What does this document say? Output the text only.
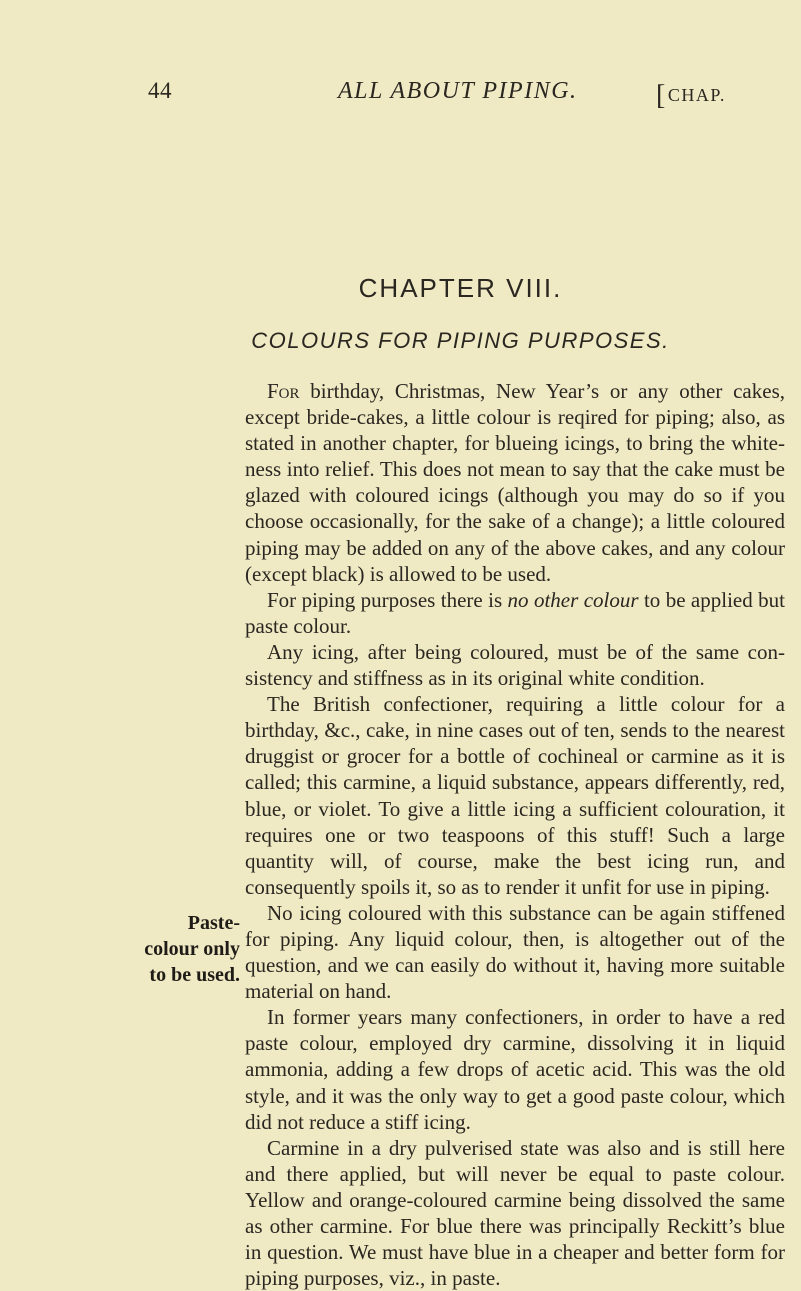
44	ALL ABOUT PIPING.	[CHAP.
CHAPTER VIII.
COLOURS FOR PIPING PURPOSES.
Paste-
colour only
to be used.

For birthday, Christmas, New Year’s or any other cakes, except bride-cakes, a little colour is reqired for piping; also, as stated in another chapter, for blueing icings, to bring the white-ness into relief. This does not mean to say that the cake must be glazed with coloured icings (although you may do so if you choose occasionally, for the sake of a change); a little coloured piping may be added on any of the above cakes, and any colour (except black) is allowed to be used.

For piping purposes there is no other colour to be applied but paste colour.

Any icing, after being coloured, must be of the same con-sistency and stiffness as in its original white condition.

The British confectioner, requiring a little colour for a birthday, &c., cake, in nine cases out of ten, sends to the nearest druggist or grocer for a bottle of cochineal or carmine as it is called; this carmine, a liquid substance, appears differently, red, blue, or violet. To give a little icing a sufficient colouration, it requires one or two teaspoons of this stuff! Such a large quantity will, of course, make the best icing run, and consequently spoils it, so as to render it unfit for use in piping.

No icing coloured with this substance can be again stiffened for piping. Any liquid colour, then, is altogether out of the question, and we can easily do without it, having more suitable material on hand.

In former years many confectioners, in order to have a red paste colour, employed dry carmine, dissolving it in liquid ammonia, adding a few drops of acetic acid. This was the old style, and it was the only way to get a good paste colour, which did not reduce a stiff icing.

Carmine in a dry pulverised state was also and is still here and there applied, but will never be equal to paste colour. Yellow and orange-coloured carmine being dissolved the same as other carmine. For blue there was principally Reckitt’s blue in question. We must have blue in a cheaper and better form for piping purposes, viz., in paste.
